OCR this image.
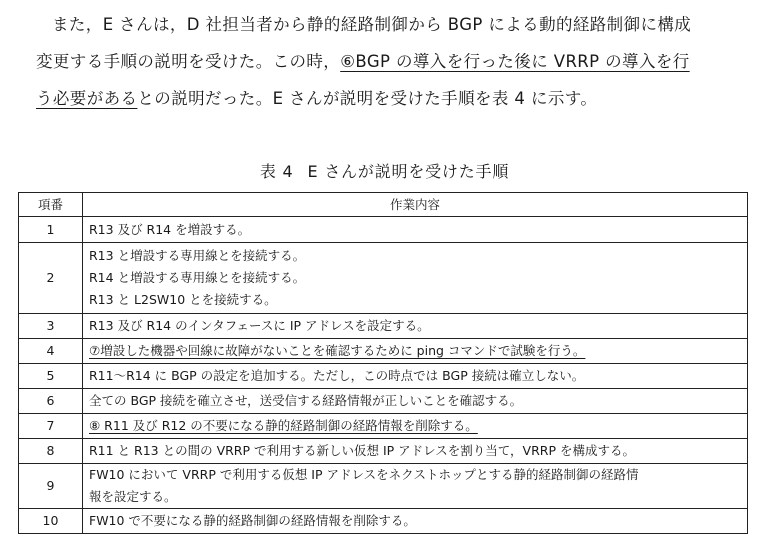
また，E さんは，D 社担当者から静的経路制御から BGP による動的経路制御に構成
変更する手順の説明を受けた。この時，⑥BGP の導入を行った後に VRRP の導入を行
う必要があるとの説明だった。E さんが説明を受けた手順を表 4 に示す。
表 4 E さんが説明を受けた手順
項番	作業内容
1	R13 及び R14 を増設する。
2	R13 と増設する専用線とを接続する。
R14 と増設する専用線とを接続する。
R13 と L2SW10 とを接続する。

3	R13 及び R14 のインタフェースに IP アドレスを設定する。
4	⑦増設した機器や回線に故障がないことを確認するために ping コマンドで試験を行う。
5	R11～R14 に BGP の設定を追加する。ただし，この時点では BGP 接続は確立しない。
6	全ての BGP 接続を確立させ，送受信する経路情報が正しいことを確認する。
7	⑧ R11 及び R12 の不要になる静的経路制御の経路情報を削除する。
8	R11 と R13 との間の VRRP で利用する新しい仮想 IP アドレスを割り当て，VRRP を構成する。
9	FW10 において VRRP で利用する仮想 IP アドレスをネクストホップとする静的経路制御の経路情
報を設定する。

10	FW10 で不要になる静的経路制御の経路情報を削除する。
